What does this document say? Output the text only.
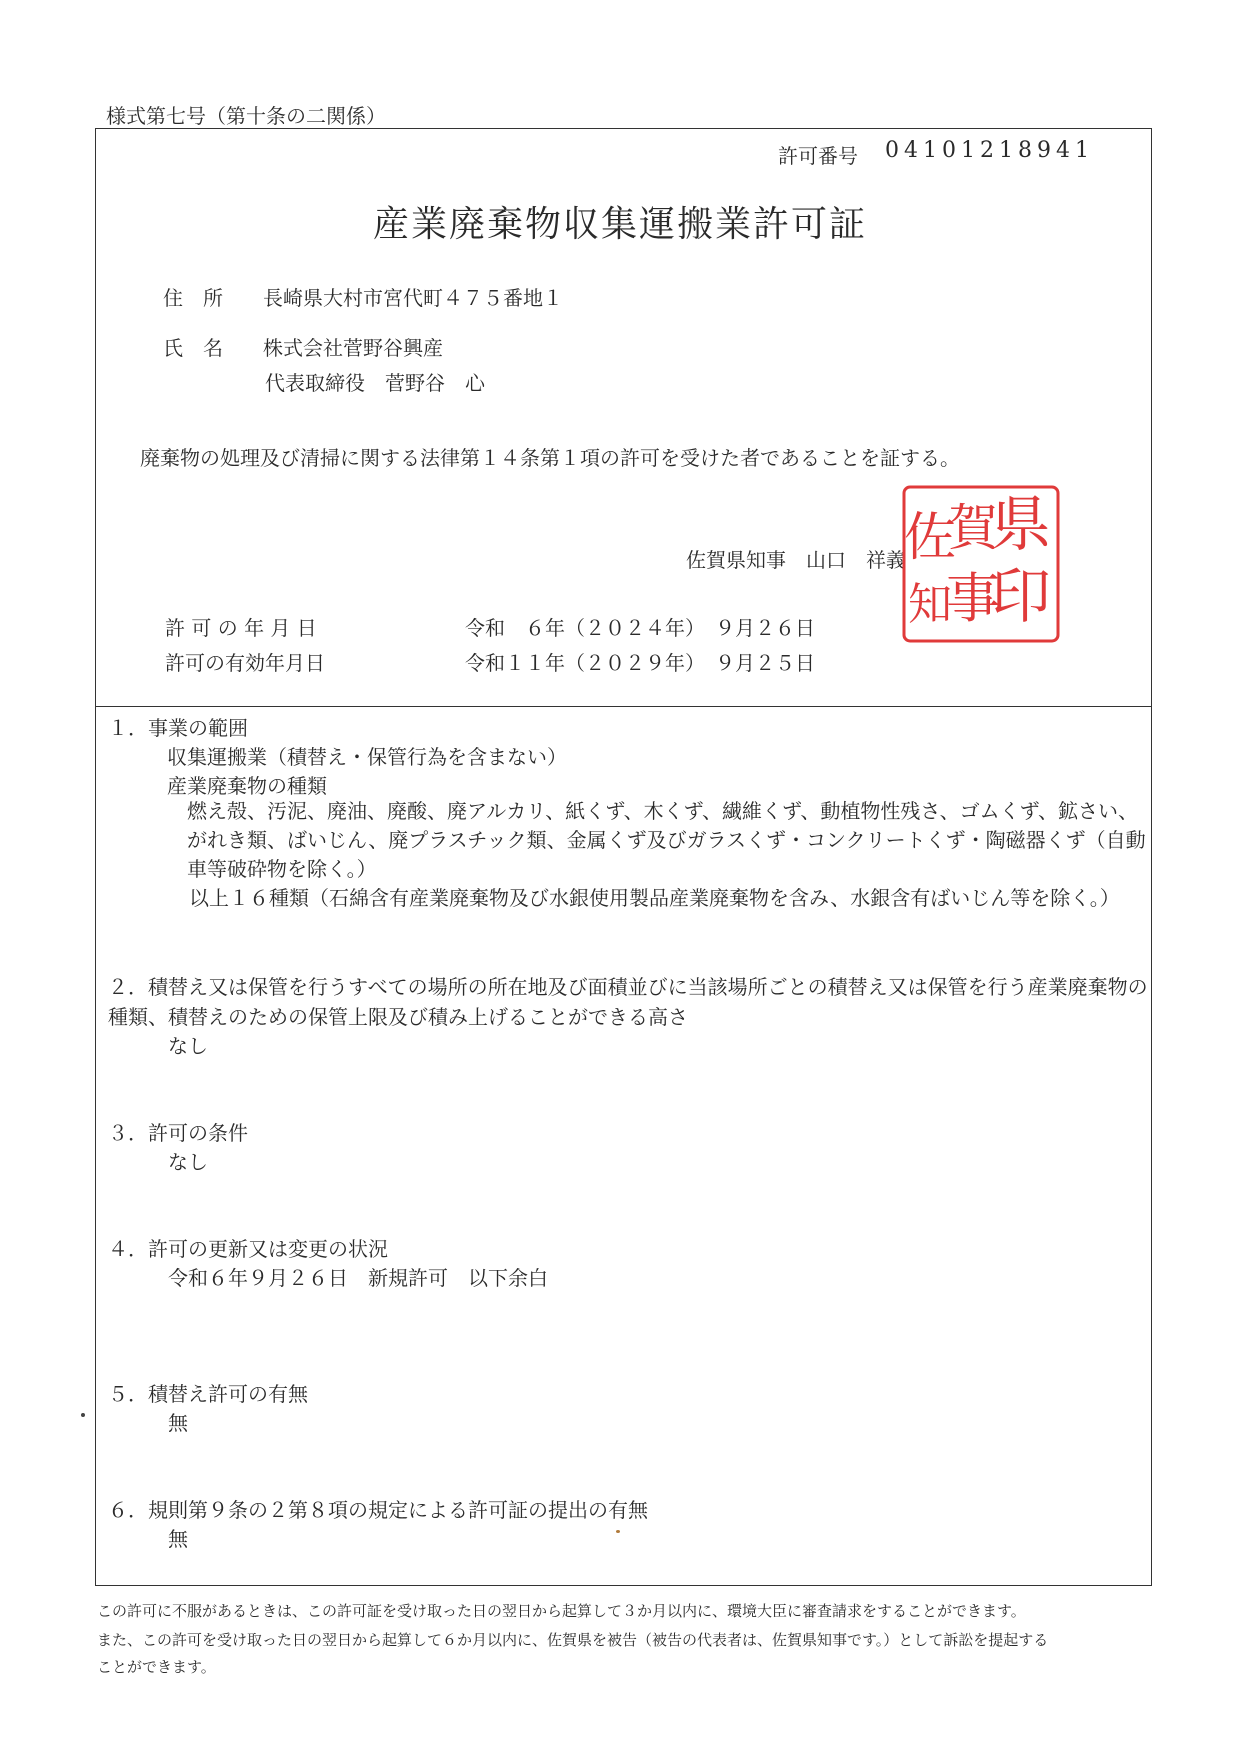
様式第七号（第十条の二関係）
許可番号 04101218941
産業廃棄物収集運搬業許可証
住　所 長崎県大村市宮代町４７５番地１
氏　名 株式会社菅野谷興産
代表取締役　菅野谷　心
廃棄物の処理及び清掃に関する法律第１４条第１項の許可を受けた者であることを証する。
佐賀県知事　山口　祥義 県
印
賀
事
佐
知
許 可 の 年 月 日	令和　６年（２０２４年）　９月２６日
許可の有効年月日	令和１１年（２０２９年）　９月２５日
１．事業の範囲
収集運搬業（積替え・保管行為を含まない）
産業廃棄物の種類
燃え殻、汚泥、廃油、廃酸、廃アルカリ、紙くず、木くず、繊維くず、動植物性残さ、ゴムくず、鉱さい、がれき類、ばいじん、廃プラスチック類、金属くず及びガラスくず・コンクリートくず・陶磁器くず（自動車等破砕物を除く。）
以上１６種類（石綿含有産業廃棄物及び水銀使用製品産業廃棄物を含み、水銀含有ばいじん等を除く。）
２．積替え又は保管を行うすべての場所の所在地及び面積並びに当該場所ごとの積替え又は保管を行う産業廃棄物の種類、積替えのための保管上限及び積み上げることができる高さ
なし
３．許可の条件
なし
４．許可の更新又は変更の状況
令和６年９月２６日　新規許可　以下余白
５．積替え許可の有無
無
６．規則第９条の２第８項の規定による許可証の提出の有無
無
この許可に不服があるときは、この許可証を受け取った日の翌日から起算して３か月以内に、環境大臣に審査請求をすることができます。
また、この許可を受け取った日の翌日から起算して６か月以内に、佐賀県を被告（被告の代表者は、佐賀県知事です。）として訴訟を提起する
ことができます。
